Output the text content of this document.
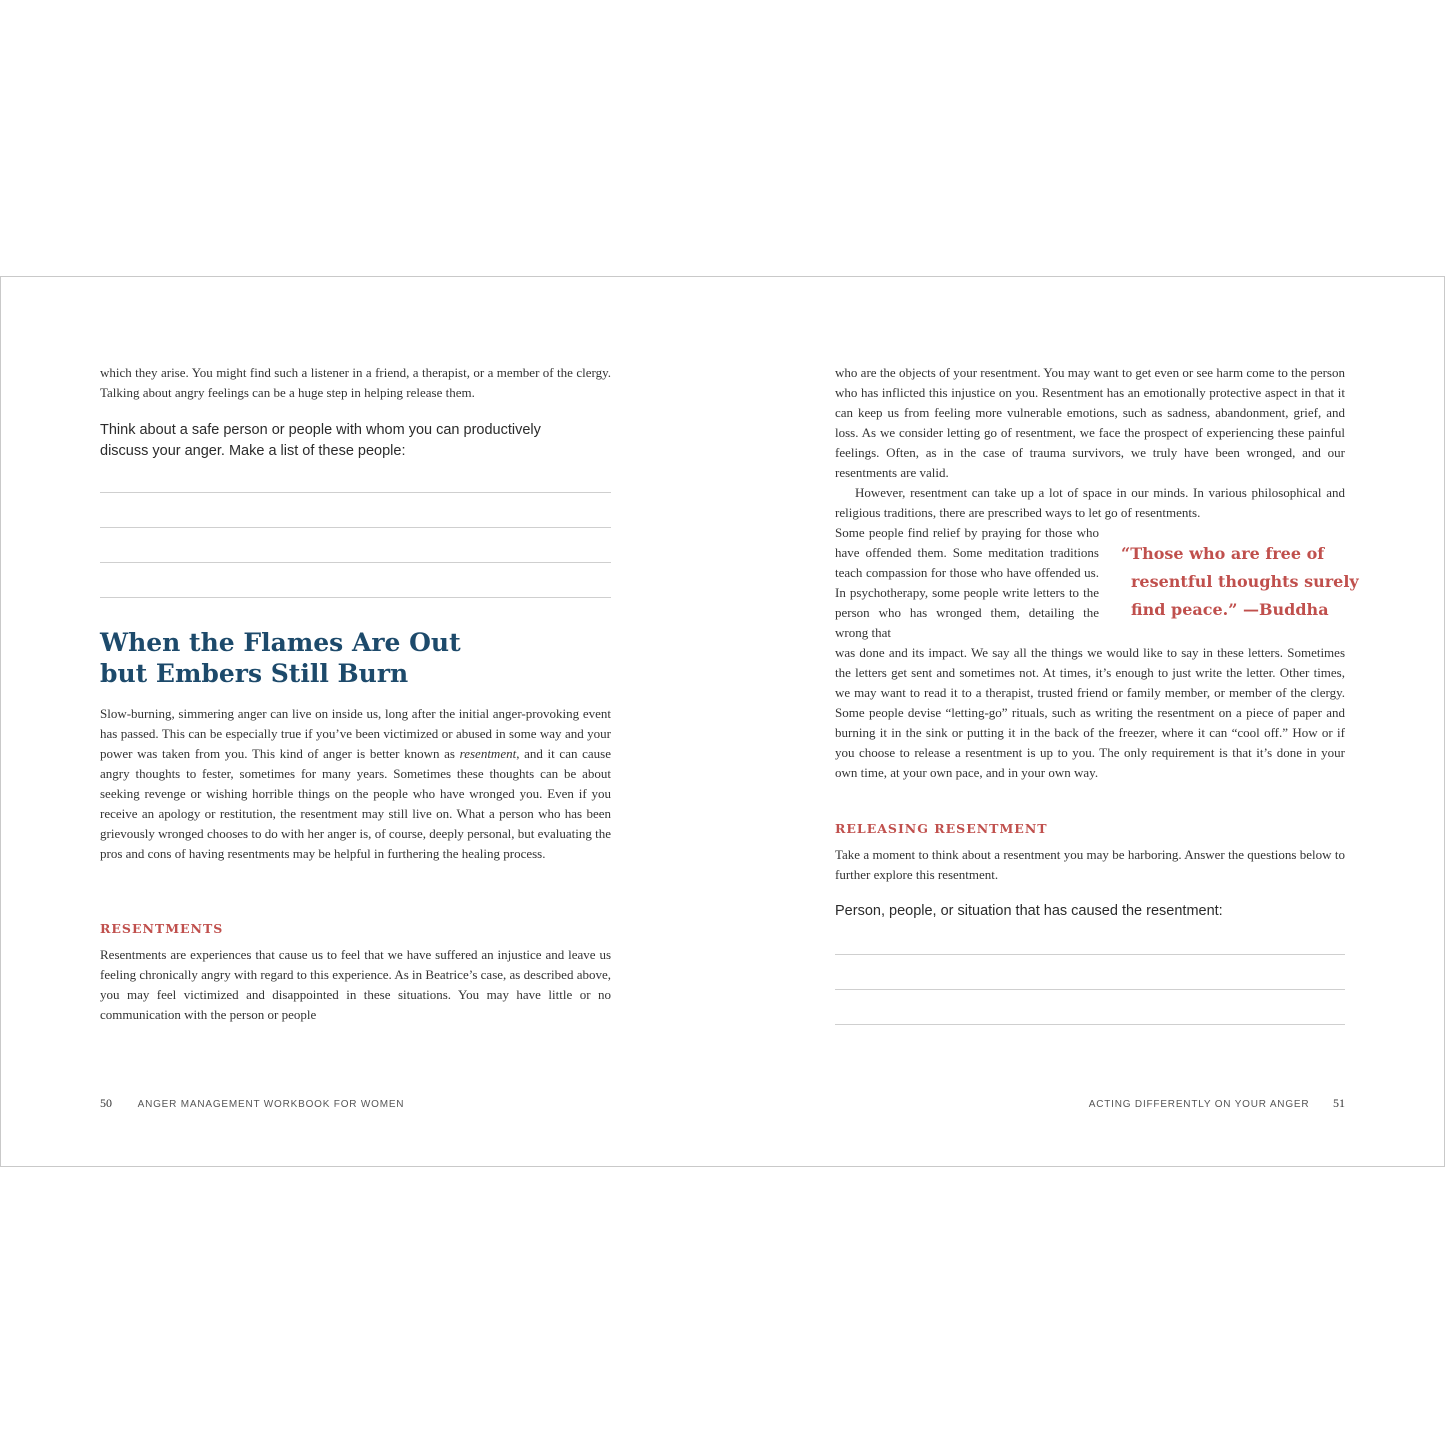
which they arise. You might find such a listener in a friend, a therapist, or a member of the clergy. Talking about angry feelings can be a huge step in helping release them.

Think about a safe person or people with whom you can productively discuss your anger. Make a list of these people:

When the Flames Are Out
but Embers Still Burn

Slow-burning, simmering anger can live on inside us, long after the initial anger-provoking event has passed. This can be especially true if you’ve been victimized or abused in some way and your power was taken from you. This kind of anger is better known as resentment, and it can cause angry thoughts to fester, sometimes for many years. Sometimes these thoughts can be about seeking revenge or wishing horrible things on the people who have wronged you. Even if you receive an apology or restitution, the resentment may still live on. What a person who has been grievously wronged chooses to do with her anger is, of course, deeply personal, but evaluating the pros and cons of having resentments may be helpful in furthering the healing process.

RESENTMENTS

Resentments are experiences that cause us to feel that we have suffered an injustice and leave us feeling chronically angry with regard to this experience. As in Beatrice’s case, as described above, you may feel victimized and disappointed in these situations. You may have little or no communication with the person or people

50	ANGER MANAGEMENT WORKBOOK FOR WOMEN

who are the objects of your resentment. You may want to get even or see harm come to the person who has inflicted this injustice on you. Resentment has an emotionally protective aspect in that it can keep us from feeling more vulnerable emotions, such as sadness, abandonment, grief, and loss. As we consider letting go of resentment, we face the prospect of experiencing these painful feelings. Often, as in the case of trauma survivors, we truly have been wronged, and our resentments are valid.

However, resentment can take up a lot of space in our minds. In various philosophical and religious traditions, there are prescribed ways to let go of resentments.

Some people find relief by praying for those who have offended them. Some meditation traditions teach compassion for those who have offended us. In psychotherapy, some people write letters to the person who has wronged them, detailing the wrong that

“Those who are free of
resentful thoughts surely
find peace.” —Buddha

was done and its impact. We say all the things we would like to say in these letters. Sometimes the letters get sent and sometimes not. At times, it’s enough to just write the letter. Other times, we may want to read it to a therapist, trusted friend or family member, or member of the clergy. Some people devise “letting-go” rituals, such as writing the resentment on a piece of paper and burning it in the sink or putting it in the back of the freezer, where it can “cool off.” How or if you choose to release a resentment is up to you. The only requirement is that it’s done in your own time, at your own pace, and in your own way.

RELEASING RESENTMENT

Take a moment to think about a resentment you may be harboring. Answer the questions below to further explore this resentment.

Person, people, or situation that has caused the resentment:

ACTING DIFFERENTLY ON YOUR ANGER 51
